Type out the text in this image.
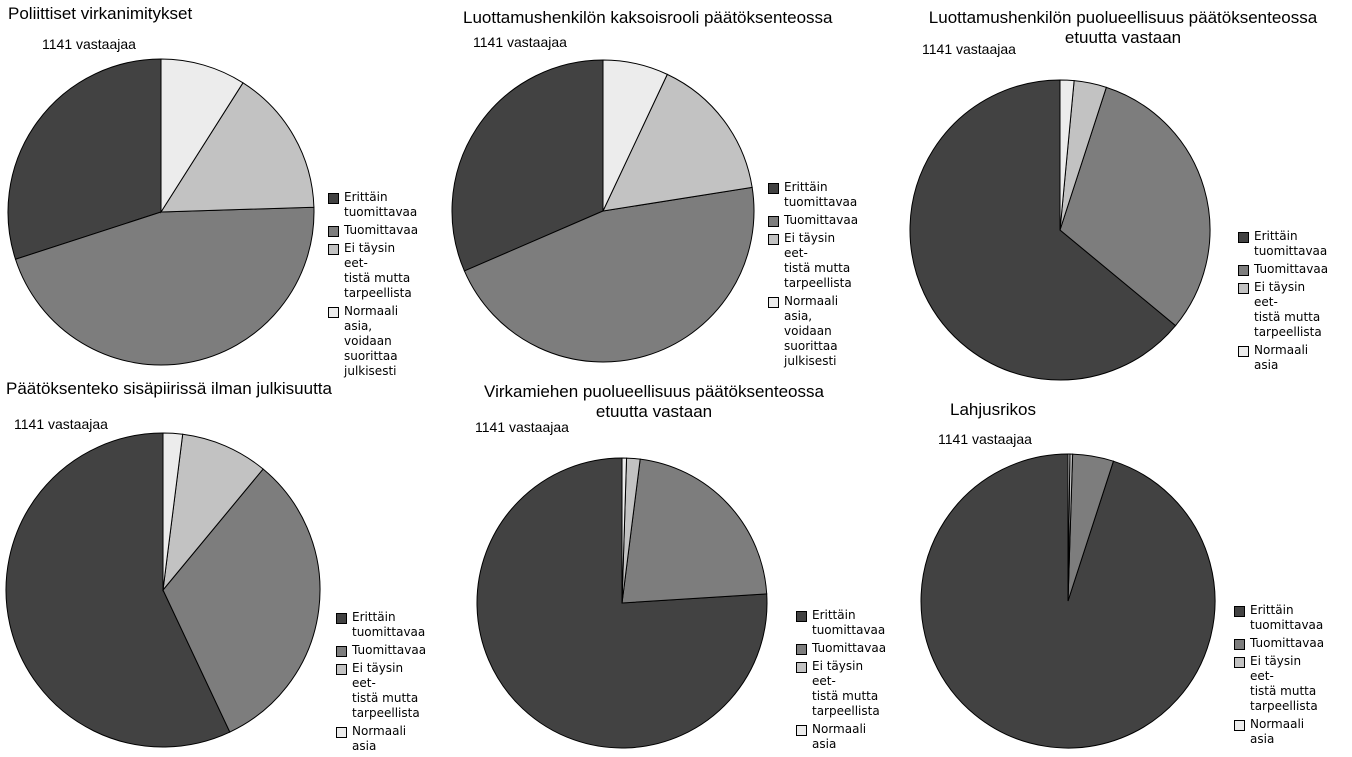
Poliittiset virkanimitykset
1141 vastaajaa
Erittäin
tuomittavaa
Tuomittavaa
Ei täysin eet-
tistä mutta
tarpeellista
Normaali
asia, voidaan
suorittaa
julkisesti
Luottamushenkilön kaksoisrooli päätöksenteossa
1141 vastaajaa
Erittäin
tuomittavaa
Tuomittavaa
Ei täysin eet-
tistä mutta
tarpeellista
Normaali
asia, voidaan
suorittaa
julkisesti
Luottamushenkilön puolueellisuus päätöksenteossa
etuutta vastaan
1141 vastaajaa
Erittäin
tuomittavaa
Tuomittavaa
Ei täysin eet-
tistä mutta
tarpeellista
Normaali asia
Päätöksenteko sisäpiirissä ilman julkisuutta
1141 vastaajaa
Erittäin
tuomittavaa
Tuomittavaa
Ei täysin eet-
tistä mutta
tarpeellista
Normaali asia
Virkamiehen puolueellisuus päätöksenteossa
etuutta vastaan
1141 vastaajaa
Erittäin
tuomittavaa
Tuomittavaa
Ei täysin eet-
tistä mutta
tarpeellista
Normaali asia
Lahjusrikos
1141 vastaajaa
Erittäin
tuomittavaa
Tuomittavaa
Ei täysin eet-
tistä mutta
tarpeellista
Normaali asia
